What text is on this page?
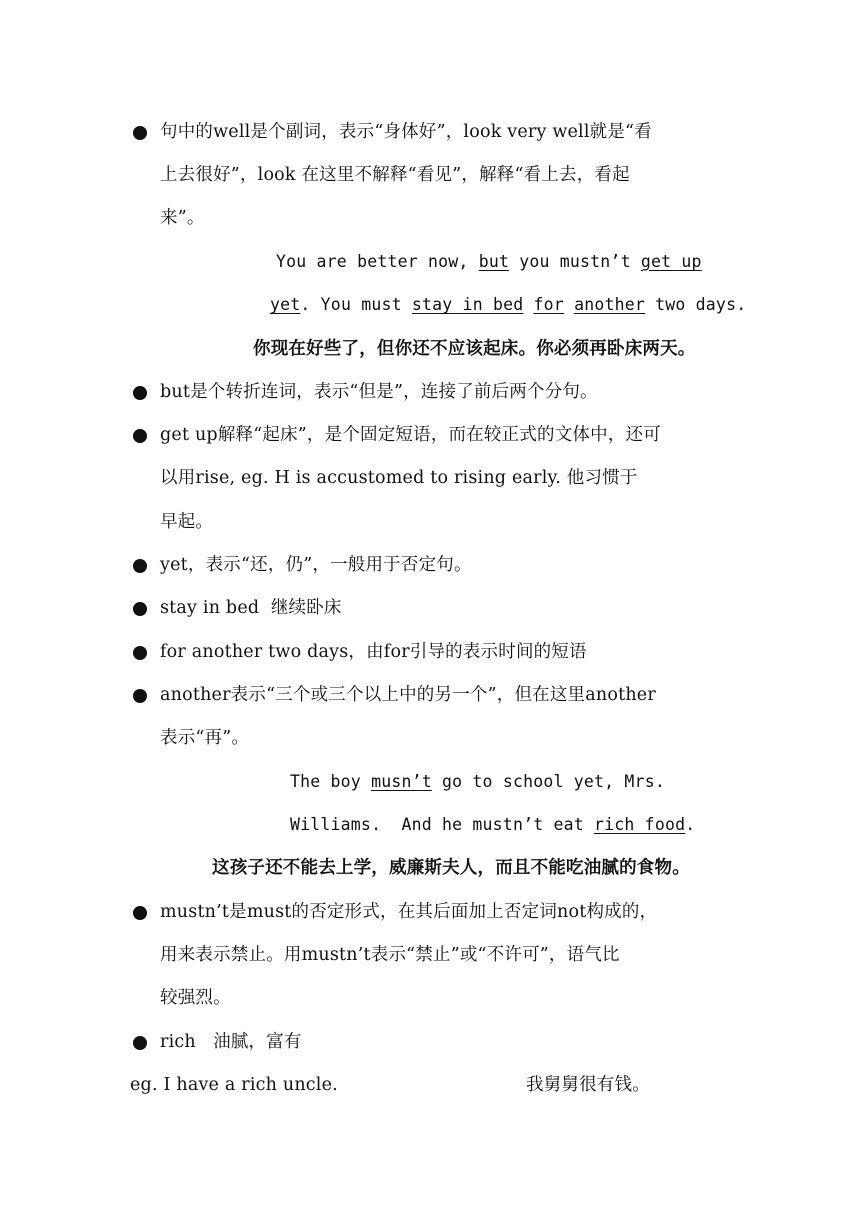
句中的well是个副词，表示“身体好”，look very well就是“看
上去很好”，look 在这里不解释“看见”，解释“看上去，看起
来”。
You are better now, but you mustn’t get up
yet. You must stay in bed for another two days.
你现在好些了，但你还不应该起床。你必须再卧床两天。
but是个转折连词，表示“但是”，连接了前后两个分句。
get up解释“起床”，是个固定短语，而在较正式的文体中，还可
以用rise, eg. H is accustomed to rising early. 他习惯于
早起。
yet，表示“还，仍”，一般用于否定句。
stay in bed  继续卧床
for another two days，由for引导的表示时间的短语
another表示“三个或三个以上中的另一个”，但在这里another
表示“再”。
The boy musn’t go to school yet, Mrs.
Williams.  And he mustn’t eat rich food.
这孩子还不能去上学，威廉斯夫人，而且不能吃油腻的食物。
mustn’t是must的否定形式，在其后面加上否定词not构成的，
用来表示禁止。用mustn’t表示“禁止”或“不许可”，语气比
较强烈。
rich   油腻，富有
eg. I have a rich uncle.	我舅舅很有钱。
